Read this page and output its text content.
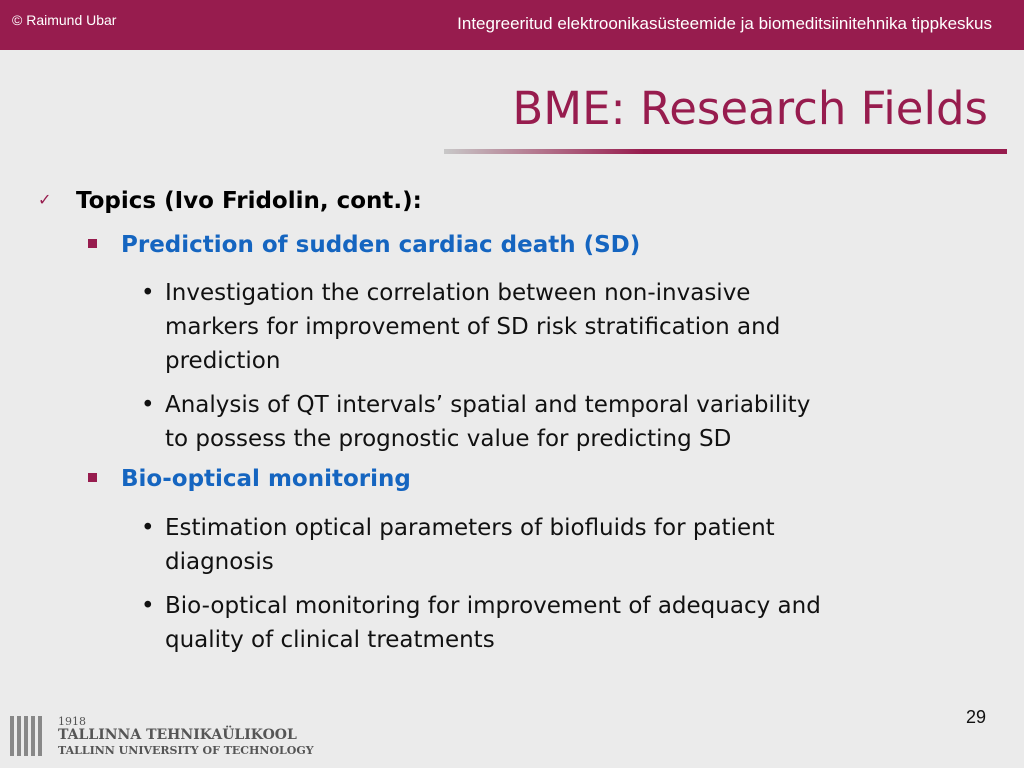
© Raimund Ubar	Integreeritud elektroonikasüsteemide ja biomeditsiinitehnika tippkeskus
BME: Research Fields
✓ Topics (Ivo Fridolin, cont.):
Prediction of sudden cardiac death (SD)
• Investigation the correlation between non-invasive
markers for improvement of SD risk stratification and
prediction
• Analysis of QT intervals’ spatial and temporal variability
to possess the prognostic value for predicting SD
Bio-optical monitoring
• Estimation optical parameters of biofluids for patient
diagnosis
• Bio-optical monitoring for improvement of adequacy and
quality of clinical treatments
1918
TALLINNA TEHNIKAÜLIKOOL
TALLINN UNIVERSITY OF TECHNOLOGY
29
